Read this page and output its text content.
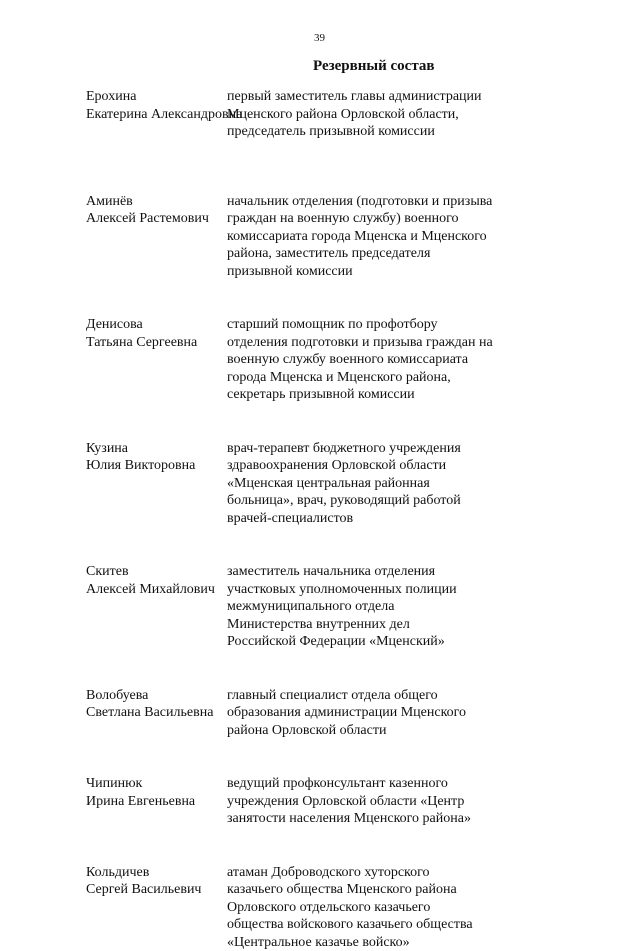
39
Резервный состав
Ерохина
Екатерина Александровна
первый заместитель главы администрации
Мценского района Орловской области,
председатель призывной комиссии
Аминёв
Алексей Растемович
начальник отделения (подготовки и призыва
граждан на военную службу) военного
комиссариата города Мценска и Мценского
района, заместитель председателя
призывной комиссии
Денисова
Татьяна Сергеевна
старший помощник по профотбору
отделения подготовки и призыва граждан на
военную службу военного комиссариата
города Мценска и Мценского района,
секретарь призывной комиссии
Кузина
Юлия Викторовна
врач-терапевт бюджетного учреждения
здравоохранения Орловской области
«Мценская центральная районная
больница», врач, руководящий работой
врачей-специалистов
Скитев
Алексей Михайлович
заместитель начальника отделения
участковых уполномоченных полиции
межмуниципального отдела
Министерства внутренних дел
Российской Федерации «Мценский»
Волобуева
Светлана Васильевна
главный специалист отдела общего
образования администрации Мценского
района Орловской области
Чипинюк
Ирина Евгеньевна
ведущий профконсультант казенного
учреждения Орловской области «Центр
занятости населения Мценского района»
Кольдичев
Сергей Васильевич
атаман Доброводского хуторского
казачьего общества Мценского района
Орловского отдельского казачьего
общества войскового казачьего общества
«Центральное казачье войско»
